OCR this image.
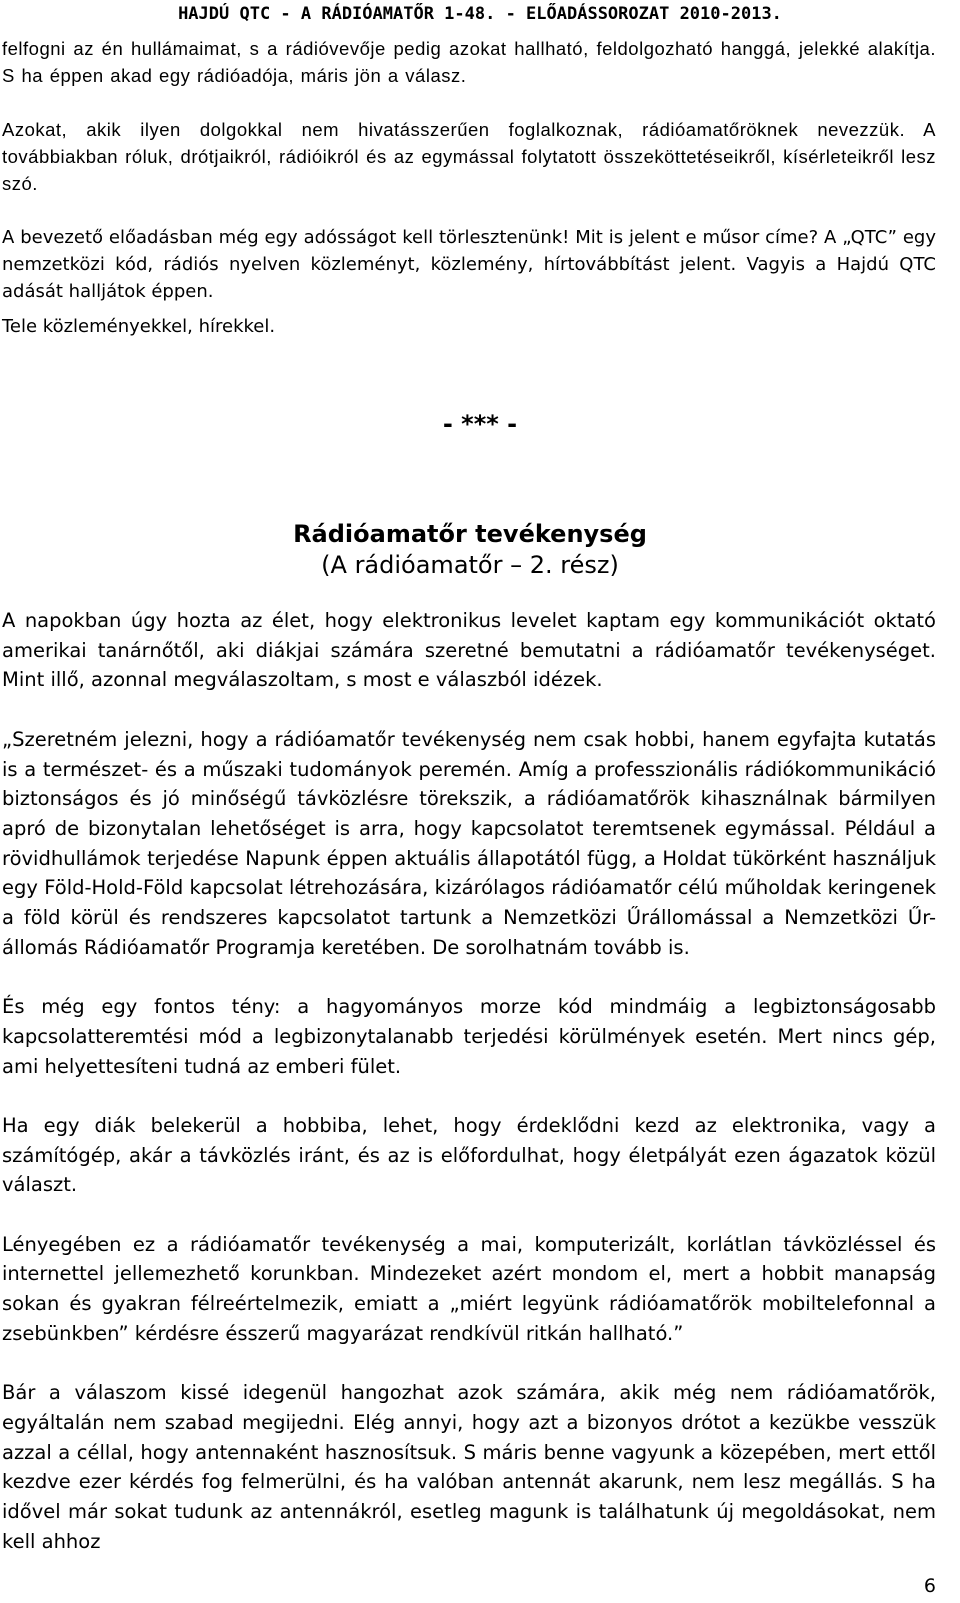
HAJDÚ QTC - A RÁDIÓAMATŐR 1-48. - ELŐADÁSSOROZAT 2010-2013.

felfogni az én hullámaimat, s a rádióvevője pedig azokat hallható, feldolgozható hanggá, jelekké alakítja. S ha éppen akad egy rádióadója, máris jön a válasz.

Azokat, akik ilyen dolgokkal nem hivatásszerűen foglalkoznak, rádióamatőröknek nevezzük. A továbbiakban róluk, drótjaikról, rádióikról és az egymással folytatott összeköttetéseikről, kísérleteikről lesz szó.

A bevezető előadásban még egy adósságot kell törlesztenünk! Mit is jelent e műsor címe? A „QTC” egy nemzetközi kód, rádiós nyelven közleményt, közlemény, hírtovábbítást jelent. Vagyis a Hajdú QTC adását halljátok éppen.

Tele közleményekkel, hírekkel.

- *** -
Rádióamatőr tevékenység
(A rádióamatőr – 2. rész)

A napokban úgy hozta az élet, hogy elektronikus levelet kaptam egy kommunikációt oktató amerikai tanárnőtől, aki diákjai számára szeretné bemutatni a rádióamatőr tevékenységet. Mint illő, azonnal megválaszoltam, s most e válaszból idézek.

„Szeretném jelezni, hogy a rádióamatőr tevékenység nem csak hobbi, hanem egyfajta kutatás is a természet- és a műszaki tudományok peremén. Amíg a professzionális rádiókommunikáció biztonságos és jó minőségű távközlésre törekszik, a rádióamatőrök kihasználnak bármilyen apró de bizonytalan lehetőséget is arra, hogy kapcsolatot teremtsenek egymással. Például a rövidhullámok terjedése Napunk éppen aktuális állapotától függ, a Holdat tükörként használjuk egy Föld-Hold-Föld kapcsolat létrehozására, kizárólagos rádióamatőr célú műholdak keringenek a föld körül és rendszeres kapcsolatot tartunk a Nemzetközi Űrállomással a Nemzetközi Űr-állomás Rádióamatőr Programja keretében. De sorolhatnám tovább is.

És még egy fontos tény: a hagyományos morze kód mindmáig a legbiztonságosabb kapcsolatteremtési mód a legbizonytalanabb terjedési körülmények esetén. Mert nincs gép, ami helyettesíteni tudná az emberi fület.

Ha egy diák belekerül a hobbiba, lehet, hogy érdeklődni kezd az elektronika, vagy a számítógép, akár a távközlés iránt, és az is előfordulhat, hogy életpályát ezen ágazatok közül választ.

Lényegében ez a rádióamatőr tevékenység a mai, komputerizált, korlátlan távközléssel és internettel jellemezhető korunkban. Mindezeket azért mondom el, mert a hobbit manapság sokan és gyakran félreértelmezik, emiatt a „miért legyünk rádióamatőrök mobiltelefonnal a zsebünkben” kérdésre ésszerű magyarázat rendkívül ritkán hallható.”

Bár a válaszom kissé idegenül hangozhat azok számára, akik még nem rádióamatőrök, egyáltalán nem szabad megijedni. Elég annyi, hogy azt a bizonyos drótot a kezükbe vesszük azzal a céllal, hogy antennaként hasznosítsuk. S máris benne vagyunk a közepében, mert ettől kezdve ezer kérdés fog felmerülni, és ha valóban antennát akarunk, nem lesz megállás. S ha idővel már sokat tudunk az antennákról, esetleg magunk is találhatunk új megoldásokat, nem kell ahhoz

6
